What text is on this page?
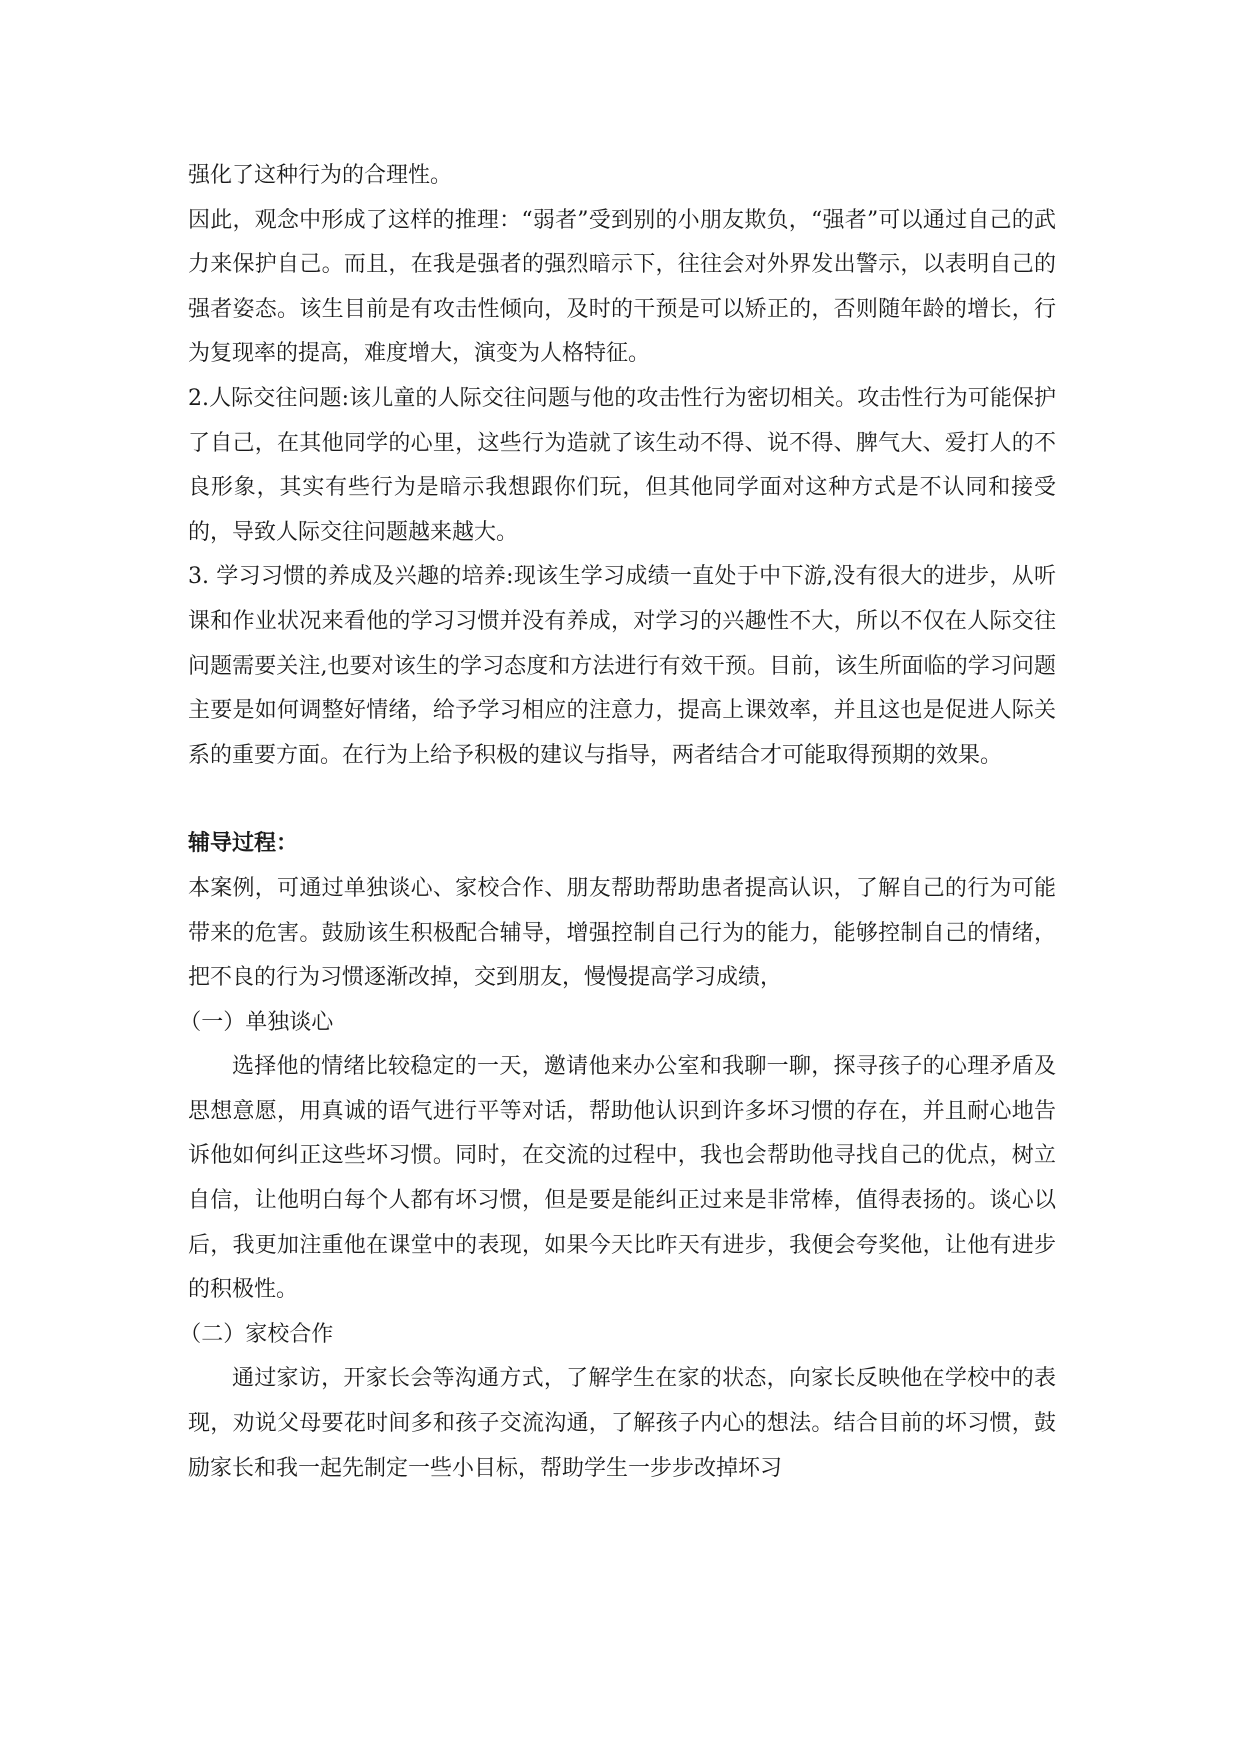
强化了这种行为的合理性。

因此，观念中形成了这样的推理：“弱者”受到别的小朋友欺负，“强者”可以通过自己的武力来保护自己。而且，在我是强者的强烈暗示下，往往会对外界发出警示，以表明自己的强者姿态。该生目前是有攻击性倾向，及时的干预是可以矫正的，否则随年龄的增长，行为复现率的提高，难度增大，演变为人格特征。

2.人际交往问题:该儿童的人际交往问题与他的攻击性行为密切相关。攻击性行为可能保护了自己，在其他同学的心里，这些行为造就了该生动不得、说不得、脾气大、爱打人的不良形象，其实有些行为是暗示我想跟你们玩，但其他同学面对这种方式是不认同和接受的，导致人际交往问题越来越大。

3. 学习习惯的养成及兴趣的培养:现该生学习成绩一直处于中下游,没有很大的进步，从听课和作业状况来看他的学习习惯并没有养成，对学习的兴趣性不大，所以不仅在人际交往问题需要关注,也要对该生的学习态度和方法进行有效干预。目前，该生所面临的学习问题主要是如何调整好情绪，给予学习相应的注意力，提高上课效率，并且这也是促进人际关系的重要方面。在行为上给予积极的建议与指导，两者结合才可能取得预期的效果。

辅导过程：

本案例，可通过单独谈心、家校合作、朋友帮助帮助患者提高认识，了解自己的行为可能带来的危害。鼓励该生积极配合辅导，增强控制自己行为的能力，能够控制自己的情绪，把不良的行为习惯逐渐改掉，交到朋友，慢慢提高学习成绩，

（一）单独谈心

选择他的情绪比较稳定的一天，邀请他来办公室和我聊一聊，探寻孩子的心理矛盾及思想意愿，用真诚的语气进行平等对话，帮助他认识到许多坏习惯的存在，并且耐心地告诉他如何纠正这些坏习惯。同时，在交流的过程中，我也会帮助他寻找自己的优点，树立自信，让他明白每个人都有坏习惯，但是要是能纠正过来是非常棒，值得表扬的。谈心以后，我更加注重他在课堂中的表现，如果今天比昨天有进步，我便会夸奖他，让他有进步的积极性。

（二）家校合作

通过家访，开家长会等沟通方式，了解学生在家的状态，向家长反映他在学校中的表现，劝说父母要花时间多和孩子交流沟通，了解孩子内心的想法。结合目前的坏习惯，鼓励家长和我一起先制定一些小目标，帮助学生一步步改掉坏习
